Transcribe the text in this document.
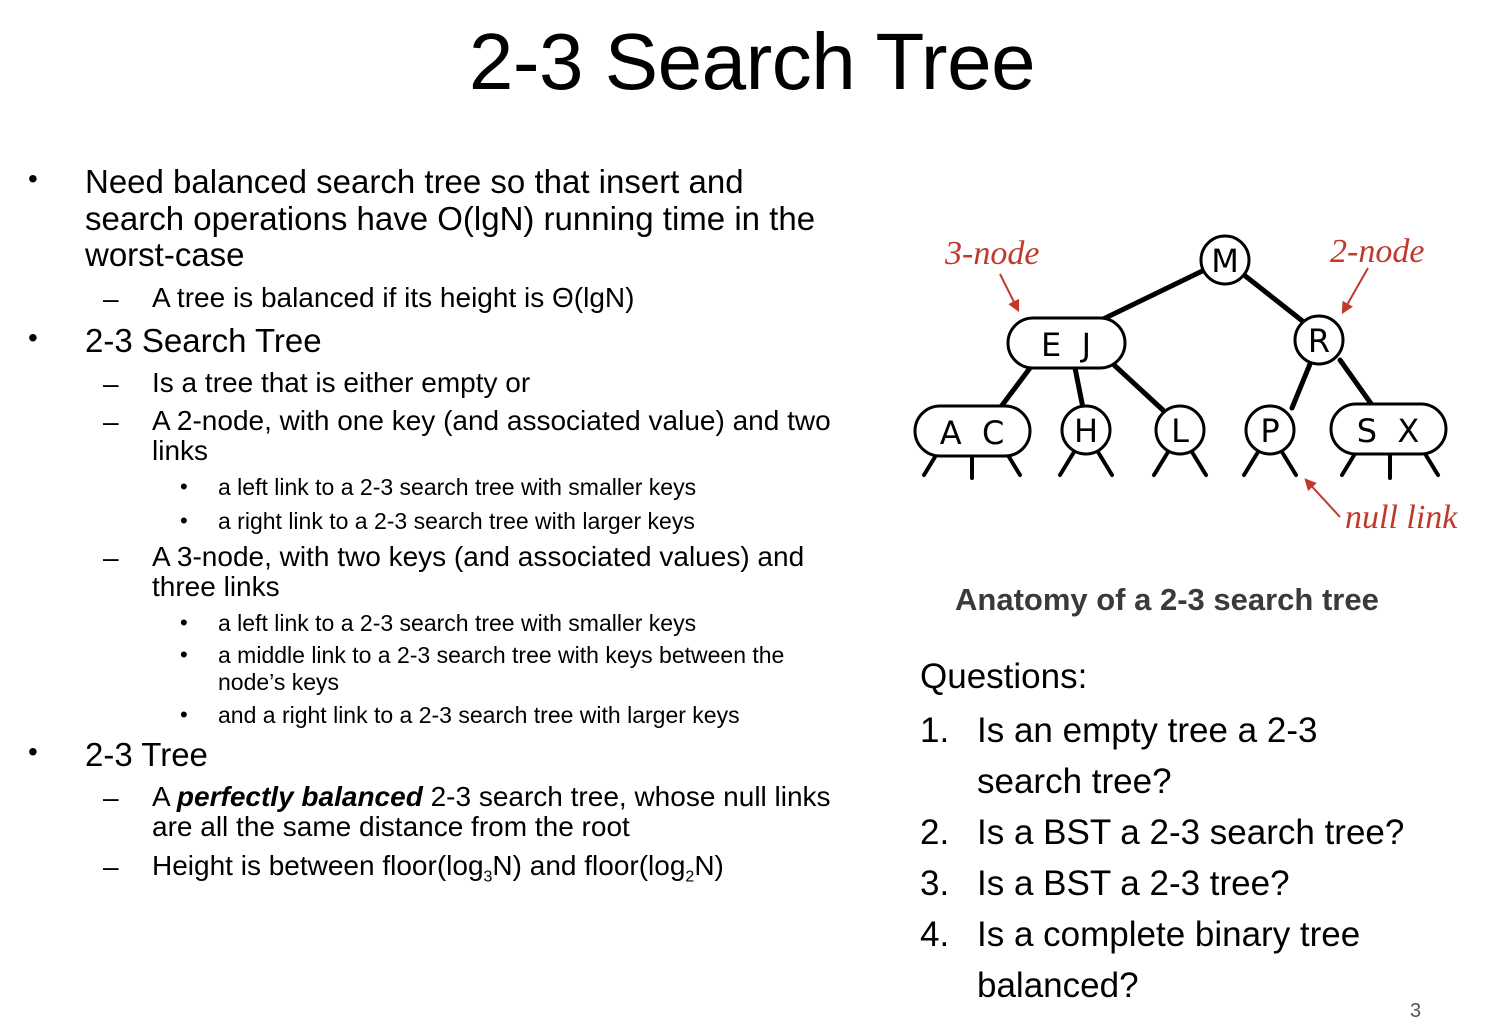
2-3 Search Tree
• Need balanced search tree so that insert and
search operations have O(lgN) running time in the
worst-case
– A tree is balanced if its height is Θ(lgN)
• 2-3 Search Tree
– Is a tree that is either empty or
– A 2-node, with one key (and associated value) and two
links
• a left link to a 2-3 search tree with smaller keys
• a right link to a 2-3 search tree with larger keys
– A 3-node, with two keys (and associated values) and
three links
• a left link to a 2-3 search tree with smaller keys
• a middle link to a 2-3 search tree with keys between the
node’s keys
• and a right link to a 2-3 search tree with larger keys
• 2-3 Tree
– A perfectly balanced 2-3 search tree, whose null links
are all the same distance from the root
– Height is between $floor(\log_3N)$ and $floor(\log_2N)$
M
E  J	R
A  C H L P S  X
3-node	2-node
null link
Anatomy of a 2-3 search tree
Questions:
1. Is an empty tree a 2-3
search tree?
2. Is a BST a 2-3 search tree?
3. Is a BST a 2-3 tree?
4. Is a complete binary tree
balanced?
3
